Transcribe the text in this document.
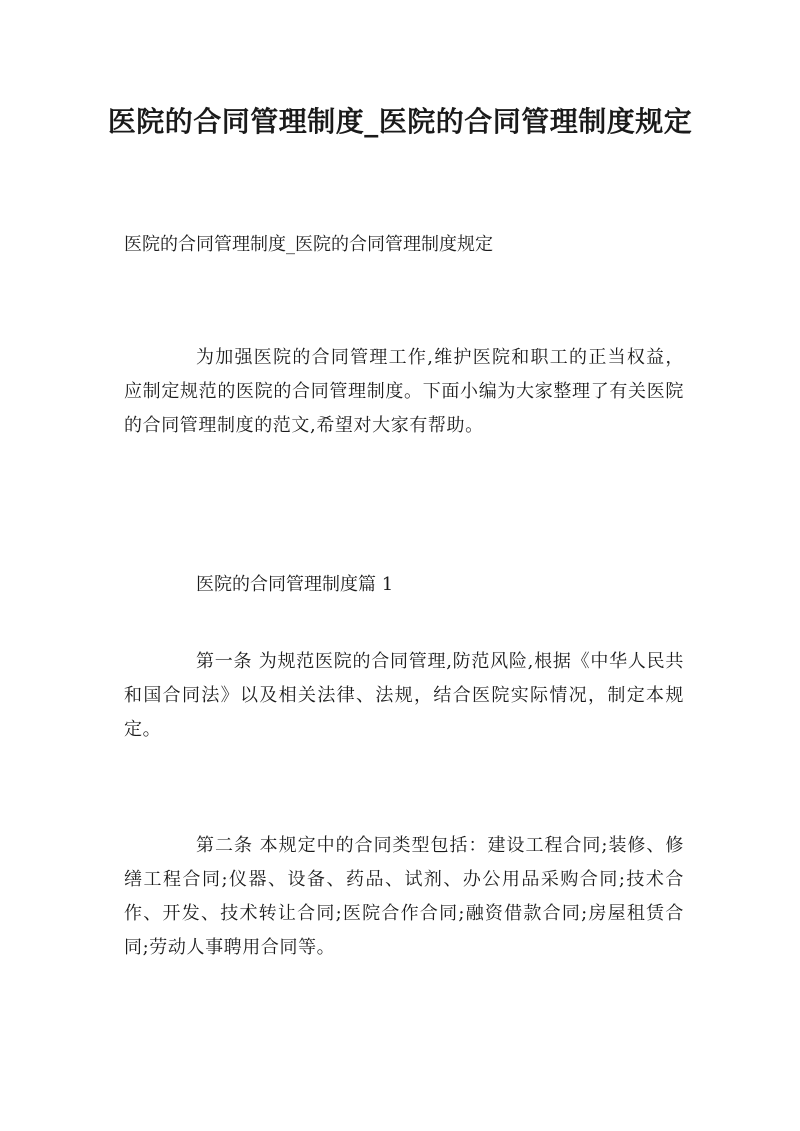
医院的合同管理制度_医院的合同管理制度规定
医院的合同管理制度_医院的合同管理制度规定

为加强医院的合同管理工作,维护医院和职工的正当权益，应制定规范的医院的合同管理制度。下面小编为大家整理了有关医院的合同管理制度的范文,希望对大家有帮助。

医院的合同管理制度篇 1

第一条 为规范医院的合同管理,防范风险,根据《中华人民共和国合同法》以及相关法律、法规，结合医院实际情况，制定本规定。

第二条 本规定中的合同类型包括：建设工程合同;装修、修缮工程合同;仪器、设备、药品、试剂、办公用品采购合同;技术合作、开发、技术转让合同;医院合作合同;融资借款合同;房屋租赁合同;劳动人事聘用合同等。
